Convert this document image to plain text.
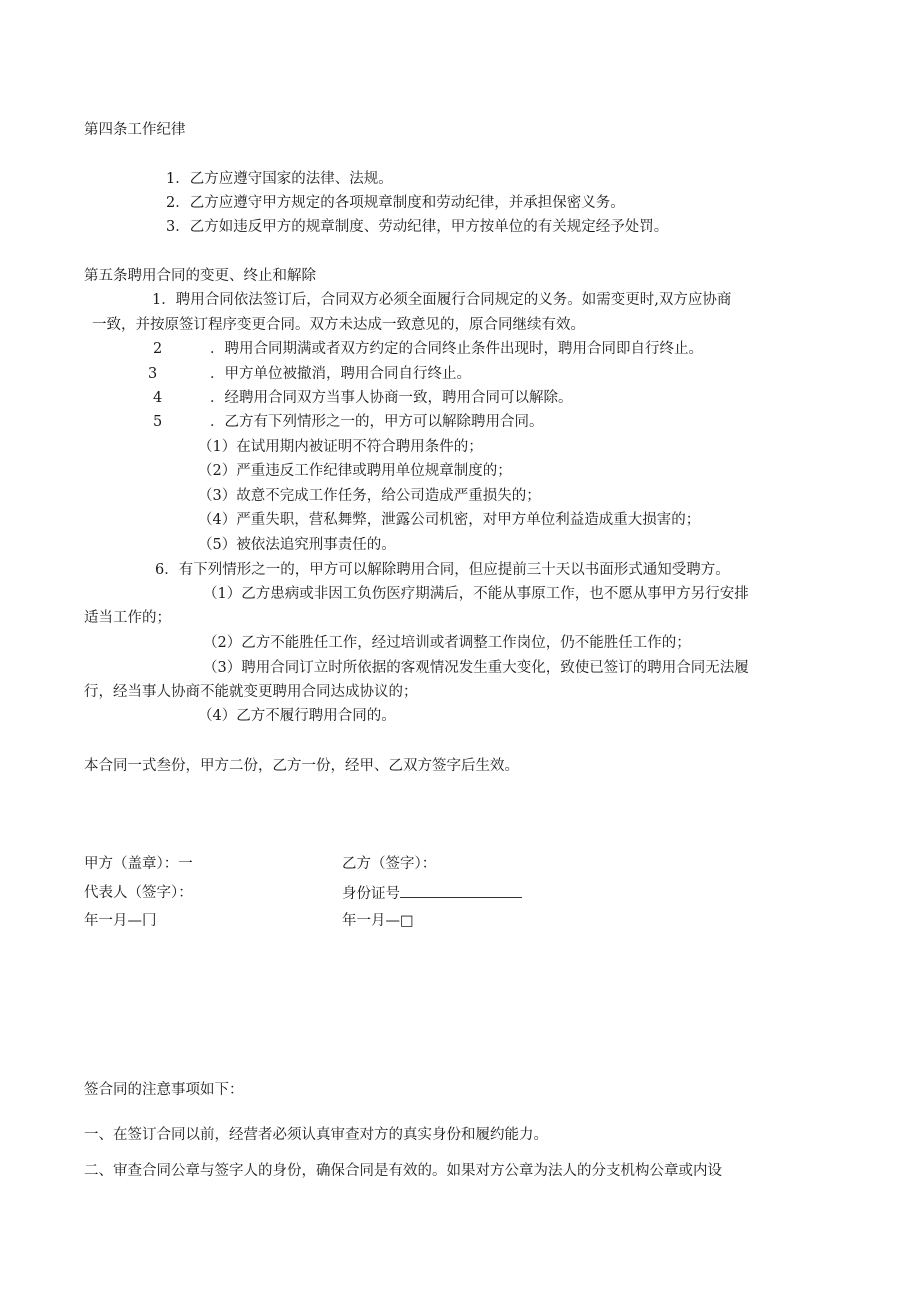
第四条工作纪律
1．乙方应遵守国家的法律、法规。
2．乙方应遵守甲方规定的各项规章制度和劳动纪律，并承担保密义务。
3．乙方如违反甲方的规章制度、劳动纪律，甲方按单位的有关规定经予处罚。
第五条聘用合同的变更、终止和解除
1．聘用合同依法签订后，合同双方必须全面履行合同规定的义务。如需变更时,双方应协商
一致，并按原签订程序变更合同。双方未达成一致意见的，原合同继续有效。
2	．聘用合同期满或者双方约定的合同终止条件出现时，聘用合同即自行终止。
3	．甲方单位被撤消，聘用合同自行终止。
4	．经聘用合同双方当事人协商一致，聘用合同可以解除。
5	．乙方有下列情形之一的，甲方可以解除聘用合同。
（1）在试用期内被证明不符合聘用条件的；
（2）严重违反工作纪律或聘用单位规章制度的；
（3）故意不完成工作任务，给公司造成严重损失的；
（4）严重失职，营私舞弊，泄露公司机密，对甲方单位利益造成重大损害的；
（5）被依法追究刑事责任的。
6．有下列情形之一的，甲方可以解除聘用合同，但应提前三十天以书面形式通知受聘方。
（1）乙方患病或非因工负伤医疗期满后，不能从事原工作，也不愿从事甲方另行安排
适当工作的；
（2）乙方不能胜任工作，经过培训或者调整工作岗位，仍不能胜任工作的；
（3）聘用合同订立时所依据的客观情况发生重大变化，致使已签订的聘用合同无法履
行，经当事人协商不能就变更聘用合同达成协议的；
（4）乙方不履行聘用合同的。
本合同一式叁份，甲方二份，乙方一份，经甲、乙双方签字后生效。
甲方（盖章）：一	乙方（签字）：
代表人（签字）：	身份证号
年一月—冂	年一月—□
签合同的注意事项如下：
一、在签订合同以前，经营者必须认真审查对方的真实身份和履约能力。
二、审查合同公章与签字人的身份，确保合同是有效的。如果对方公章为法人的分支机构公章或内设
